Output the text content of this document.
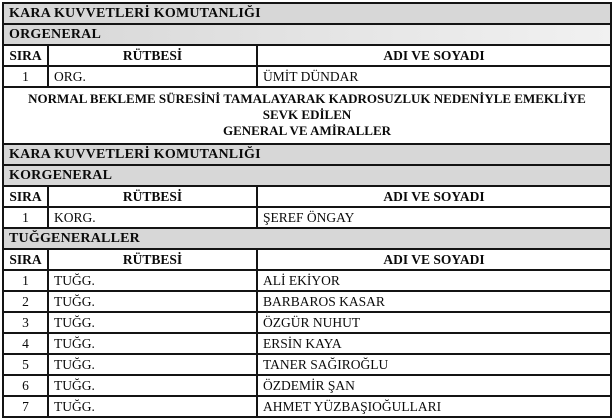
KARA KUVVETLERİ KOMUTANLIĞI		
ORGENERAL		
SIRA	RÜTBESİ	ADI VE SOYADI
1	ORG.	ÜMİT DÜNDAR

NORMAL BEKLEME SÜRESİNİ TAMALAYARAK KADROSUZLUK NEDENİYLE EMEKLİYE SEVK EDİLEN
GENERAL VE AMİRALLER		

KARA KUVVETLERİ KOMUTANLIĞI		
KORGENERAL		
SIRA	RÜTBESİ	ADI VE SOYADI
1	KORG.	ŞEREF ÖNGAY
TUĞGENERALLER		
SIRA	RÜTBESİ	ADI VE SOYADI
1	TUĞG.	ALİ EKİYOR
2	TUĞG.	BARBAROS KASAR
3	TUĞG.	ÖZGÜR NUHUT
4	TUĞG.	ERSİN KAYA
5	TUĞG.	TANER SAĞIROĞLU
6	TUĞG.	ÖZDEMİR ŞAN
7	TUĞG.	AHMET YÜZBAŞIOĞULLARI
